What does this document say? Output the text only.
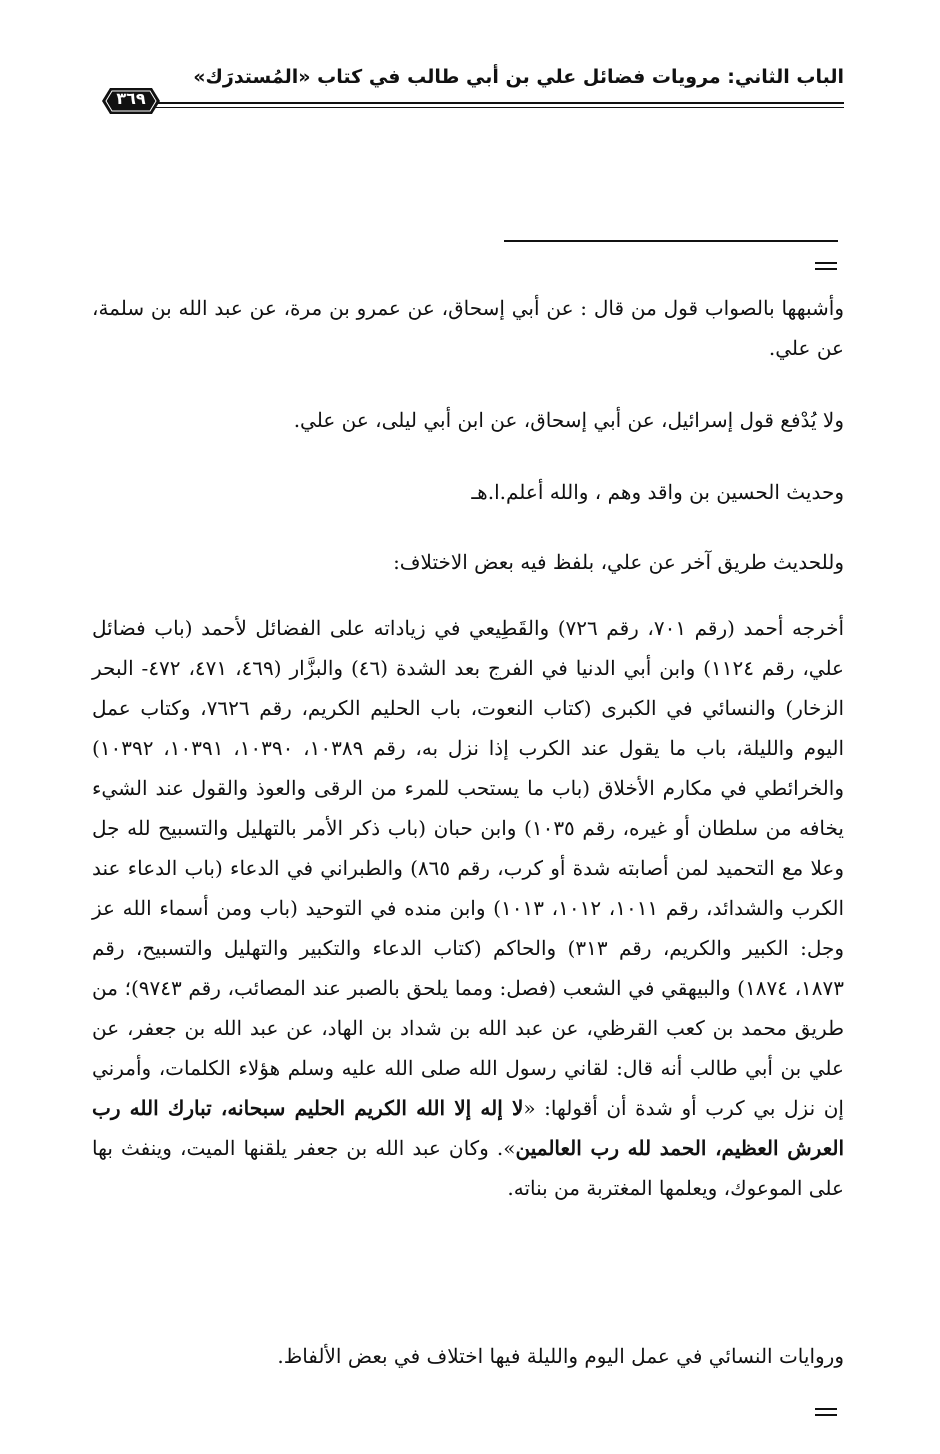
الباب الثاني: مرويات فضائل علي بن أبي طالب في كتاب «المُستدرَك»
٣٦٩

وأشبهها بالصواب قول من قال : عن أبي إسحاق، عن عمرو بن مرة، عن عبد الله بن سلمة، عن علي.

ولا يُدْفع قول إسرائيل، عن أبي إسحاق، عن ابن أبي ليلى، عن علي.

وحديث الحسين بن واقد وهم ، والله أعلم.ا.هـ

وللحديث طريق آخر عن علي، بلفظ فيه بعض الاختلاف:

أخرجه أحمد (رقم ٧٠١، رقم ٧٢٦) والقَطِيعي في زياداته على الفضائل لأحمد (باب فضائل علي، رقم ١١٢٤) وابن أبي الدنيا في الفرج بعد الشدة (٤٦) والبزَّار (٤٦٩، ٤٧١، ٤٧٢- البحر الزخار) والنسائي في الكبرى (كتاب النعوت، باب الحليم الكريم، رقم ٧٦٢٦، وكتاب عمل اليوم والليلة، باب ما يقول عند الكرب إذا نزل به، رقم ١٠٣٨٩، ١٠٣٩٠، ١٠٣٩١، ١٠٣٩٢) والخرائطي في مكارم الأخلاق (باب ما يستحب للمرء من الرقى والعوذ والقول عند الشيء يخافه من سلطان أو غيره، رقم ١٠٣٥) وابن حبان (باب ذكر الأمر بالتهليل والتسبيح لله جل وعلا مع التحميد لمن أصابته شدة أو كرب، رقم ٨٦٥) والطبراني في الدعاء (باب الدعاء عند الكرب والشدائد، رقم ١٠١١، ١٠١٢، ١٠١٣) وابن منده في التوحيد (باب ومن أسماء الله عز وجل: الكبير والكريم، رقم ٣١٣) والحاكم (كتاب الدعاء والتكبير والتهليل والتسبيح، رقم ١٨٧٣، ١٨٧٤) والبيهقي في الشعب (فصل: ومما يلحق بالصبر عند المصائب، رقم ٩٧٤٣)؛ من طريق محمد بن كعب القرظي، عن عبد الله بن شداد بن الهاد، عن عبد الله بن جعفر، عن علي بن أبي طالب أنه قال: لقاني رسول الله صلى الله عليه وسلم هؤلاء الكلمات، وأمرني إن نزل بي كرب أو شدة أن أقولها: «لا إله إلا الله الكريم الحليم سبحانه، تبارك الله رب العرش العظيم، الحمد لله رب العالمين». وكان عبد الله بن جعفر يلقنها الميت، وينفث بها على الموعوك، ويعلمها المغتربة من بناته.

وروايات النسائي في عمل اليوم والليلة فيها اختلاف في بعض الألفاظ.
